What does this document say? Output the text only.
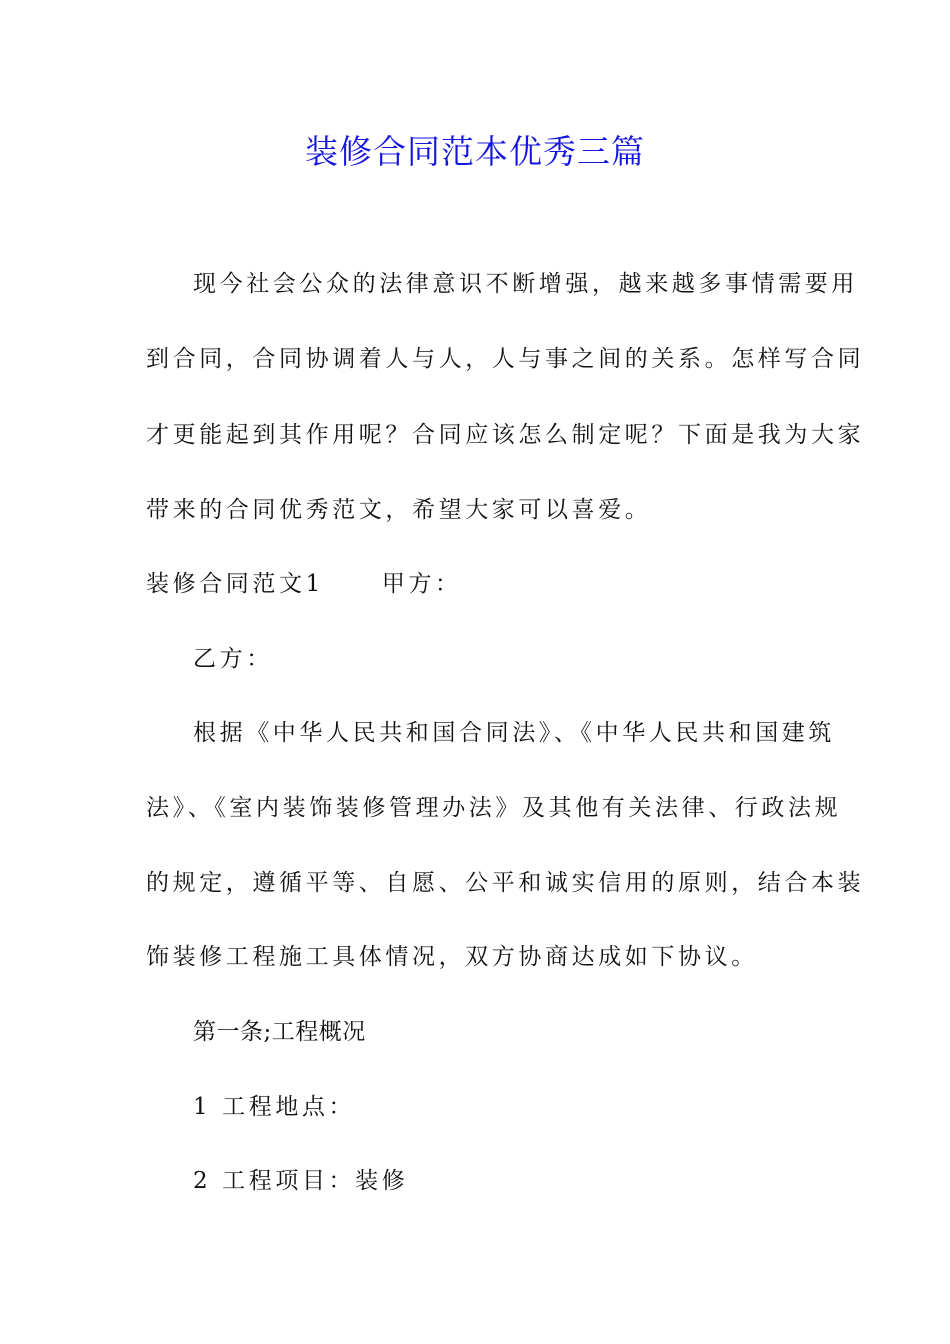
装修合同范本优秀三篇
现今社会公众的法律意识不断增强，越来越多事情需要用
到合同，合同协调着人与人，人与事之间的关系。怎样写合同
才更能起到其作用呢？合同应该怎么制定呢？下面是我为大家
带来的合同优秀范文，希望大家可以喜爱。
装修合同范文1	甲方：
乙方：
根据《中华人民共和国合同法》、《中华人民共和国建筑
法》、《室内装饰装修管理办法》及其他有关法律、行政法规
的规定，遵循平等、自愿、公平和诚实信用的原则，结合本装
饰装修工程施工具体情况，双方协商达成如下协议。
第一条;工程概况
1 工程地点：
2 工程项目：装修
